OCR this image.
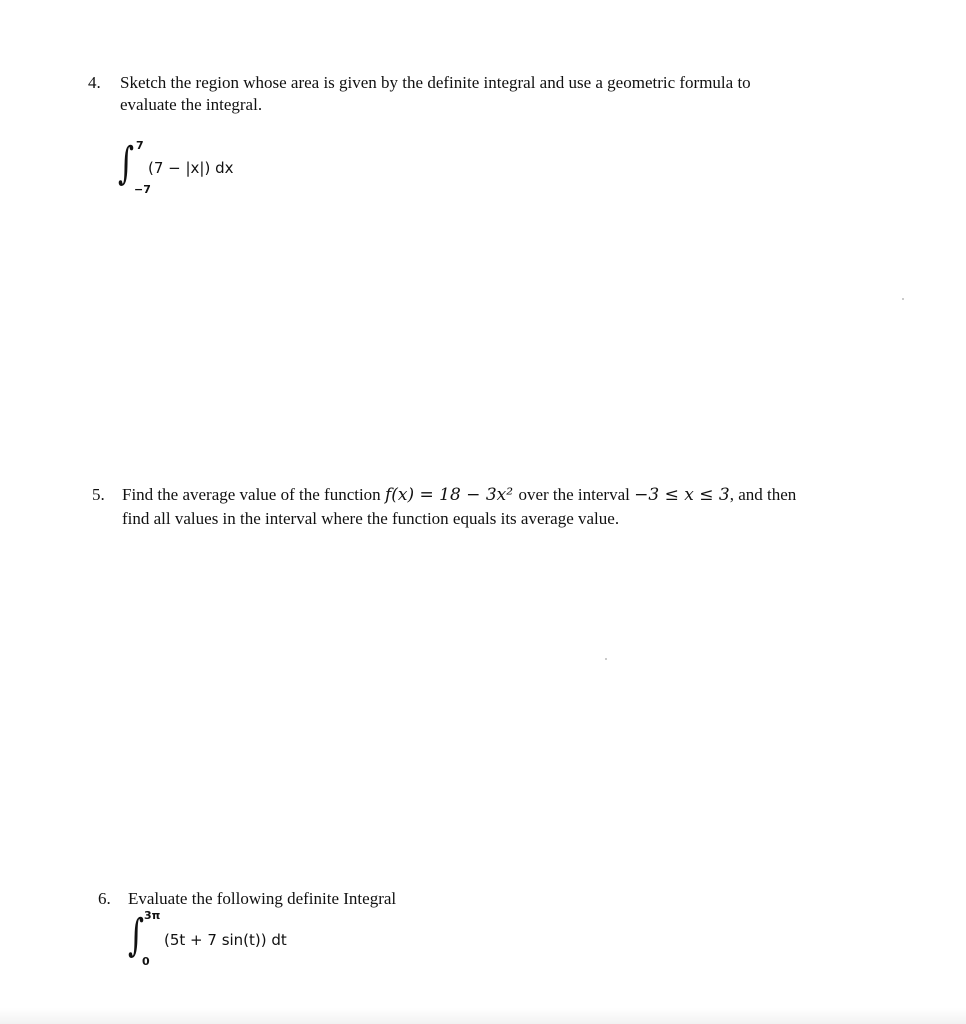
4. Sketch the region whose area is given by the definite integral and use a geometric formula to
evaluate the integral.
∫ 7
−7
(7 − |x|) dx
5. Find the average value of the function f(x) = 18 − 3x² over the interval −3 ≤ x ≤ 3, and then
find all values in the interval where the function equals its average value.
6. Evaluate the following definite Integral
∫ 3π
0
(5t + 7 sin(t)) dt
